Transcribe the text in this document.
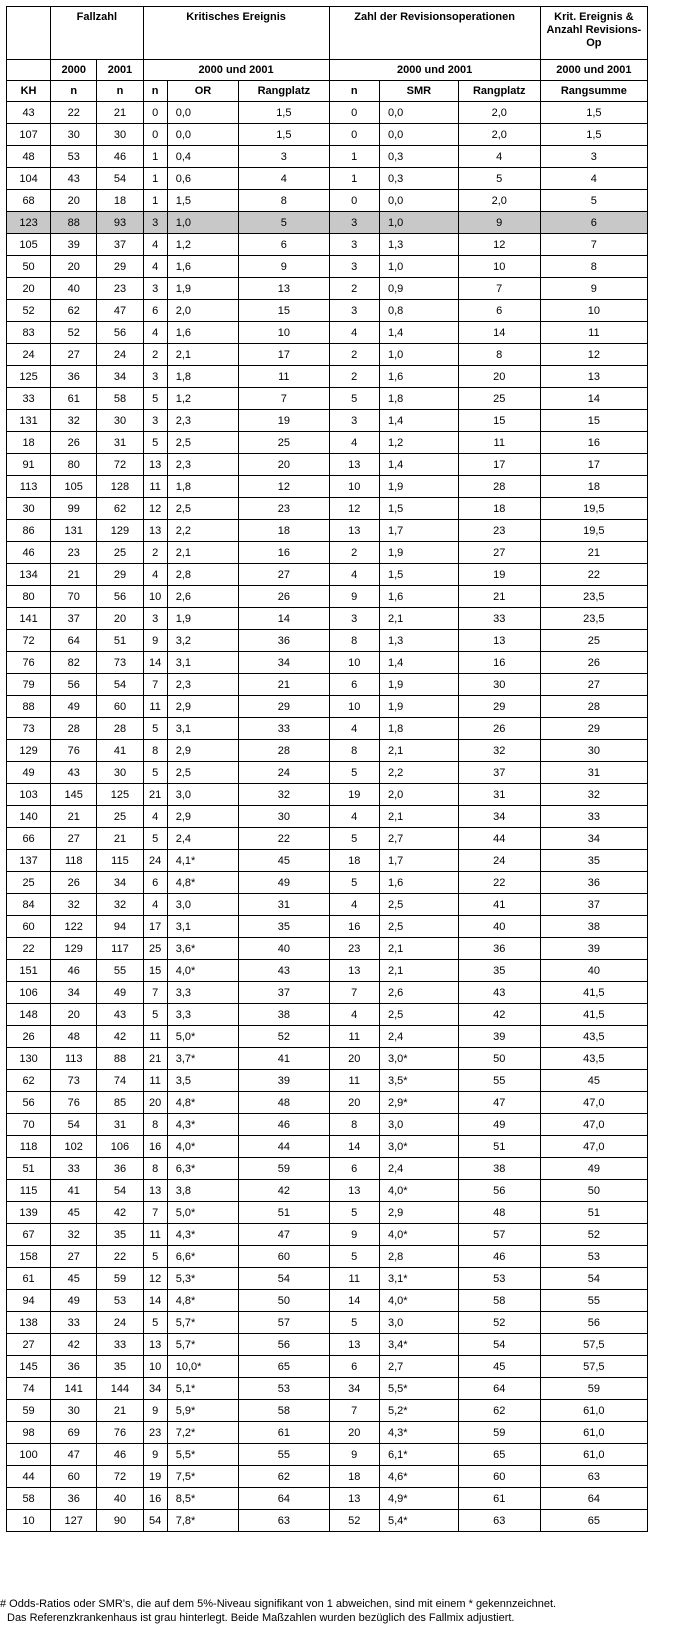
	Fallzahl		Kritisches Ereignis			Zahl der Revisionsoperationen			Krit. Ereignis & Anzahl Revisions-Op
	2000	2001	2000 und 2001			2000 und 2001			2000 und 2001
KH	n	n	n	OR	Rangplatz	n	SMR	Rangplatz	Rangsumme
43	22	21	0	0,0	1,5	0	0,0	2,0	1,5
107	30	30	0	0,0	1,5	0	0,0	2,0	1,5
48	53	46	1	0,4	3	1	0,3	4	3
104	43	54	1	0,6	4	1	0,3	5	4
68	20	18	1	1,5	8	0	0,0	2,0	5
123	88	93	3	1,0	5	3	1,0	9	6
105	39	37	4	1,2	6	3	1,3	12	7
50	20	29	4	1,6	9	3	1,0	10	8
20	40	23	3	1,9	13	2	0,9	7	9
52	62	47	6	2,0	15	3	0,8	6	10
83	52	56	4	1,6	10	4	1,4	14	11
24	27	24	2	2,1	17	2	1,0	8	12
125	36	34	3	1,8	11	2	1,6	20	13
33	61	58	5	1,2	7	5	1,8	25	14
131	32	30	3	2,3	19	3	1,4	15	15
18	26	31	5	2,5	25	4	1,2	11	16
91	80	72	13	2,3	20	13	1,4	17	17
113	105	128	11	1,8	12	10	1,9	28	18
30	99	62	12	2,5	23	12	1,5	18	19,5
86	131	129	13	2,2	18	13	1,7	23	19,5
46	23	25	2	2,1	16	2	1,9	27	21
134	21	29	4	2,8	27	4	1,5	19	22
80	70	56	10	2,6	26	9	1,6	21	23,5
141	37	20	3	1,9	14	3	2,1	33	23,5
72	64	51	9	3,2	36	8	1,3	13	25
76	82	73	14	3,1	34	10	1,4	16	26
79	56	54	7	2,3	21	6	1,9	30	27
88	49	60	11	2,9	29	10	1,9	29	28
73	28	28	5	3,1	33	4	1,8	26	29
129	76	41	8	2,9	28	8	2,1	32	30
49	43	30	5	2,5	24	5	2,2	37	31
103	145	125	21	3,0	32	19	2,0	31	32
140	21	25	4	2,9	30	4	2,1	34	33
66	27	21	5	2,4	22	5	2,7	44	34
137	118	115	24	4,1*	45	18	1,7	24	35
25	26	34	6	4,8*	49	5	1,6	22	36
84	32	32	4	3,0	31	4	2,5	41	37
60	122	94	17	3,1	35	16	2,5	40	38
22	129	117	25	3,6*	40	23	2,1	36	39
151	46	55	15	4,0*	43	13	2,1	35	40
106	34	49	7	3,3	37	7	2,6	43	41,5
148	20	43	5	3,3	38	4	2,5	42	41,5
26	48	42	11	5,0*	52	11	2,4	39	43,5
130	113	88	21	3,7*	41	20	3,0*	50	43,5
62	73	74	11	3,5	39	11	3,5*	55	45
56	76	85	20	4,8*	48	20	2,9*	47	47,0
70	54	31	8	4,3*	46	8	3,0	49	47,0
118	102	106	16	4,0*	44	14	3,0*	51	47,0
51	33	36	8	6,3*	59	6	2,4	38	49
115	41	54	13	3,8	42	13	4,0*	56	50
139	45	42	7	5,0*	51	5	2,9	48	51
67	32	35	11	4,3*	47	9	4,0*	57	52
158	27	22	5	6,6*	60	5	2,8	46	53
61	45	59	12	5,3*	54	11	3,1*	53	54
94	49	53	14	4,8*	50	14	4,0*	58	55
138	33	24	5	5,7*	57	5	3,0	52	56
27	42	33	13	5,7*	56	13	3,4*	54	57,5
145	36	35	10	10,0*	65	6	2,7	45	57,5
74	141	144	34	5,1*	53	34	5,5*	64	59
59	30	21	9	5,9*	58	7	5,2*	62	61,0
98	69	76	23	7,2*	61	20	4,3*	59	61,0
100	47	46	9	5,5*	55	9	6,1*	65	61,0
44	60	72	19	7,5*	62	18	4,6*	60	63
58	36	40	16	8,5*	64	13	4,9*	61	64
10	127	90	54	7,8*	63	52	5,4*	63	65
# Odds-Ratios oder SMR's, die auf dem 5%-Niveau signifikant von 1 abweichen, sind mit einem * gekennzeichnet.
Das Referenzkrankenhaus ist grau hinterlegt. Beide Maßzahlen wurden bezüglich des Fallmix adjustiert.
